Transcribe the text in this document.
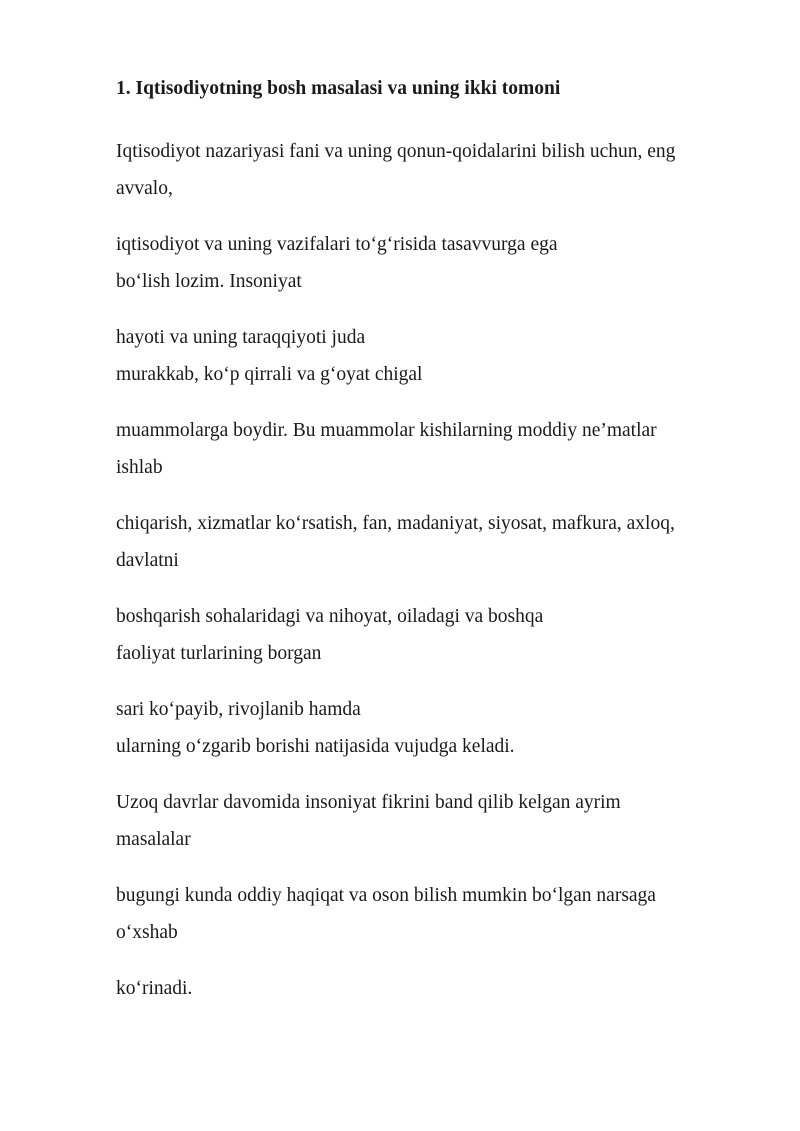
1. Iqtisodiyotning bosh masalasi va uning ikki tomoni

Iqtisodiyot nazariyasi fani va uning qonun-qoidalarini bilish uchun, eng
avvalo,

iqtisodiyot va uning vazifalari to‘g‘risida tasavvurga ega
bo‘lish lozim. Insoniyat

hayoti va uning taraqqiyoti juda
murakkab, ko‘p qirrali va g‘oyat chigal

muammolarga boydir. Bu muammolar kishilarning moddiy ne’matlar
ishlab

chiqarish, xizmatlar ko‘rsatish, fan, madaniyat, siyosat, mafkura, axloq,
davlatni

boshqarish sohalaridagi va nihoyat, oiladagi va boshqa
faoliyat turlarining borgan

sari ko‘payib, rivojlanib hamda
ularning o‘zgarib borishi natijasida vujudga keladi.

Uzoq davrlar davomida insoniyat fikrini band qilib kelgan ayrim
masalalar

bugungi kunda oddiy haqiqat va oson bilish mumkin bo‘lgan narsaga
o‘xshab

ko‘rinadi.
